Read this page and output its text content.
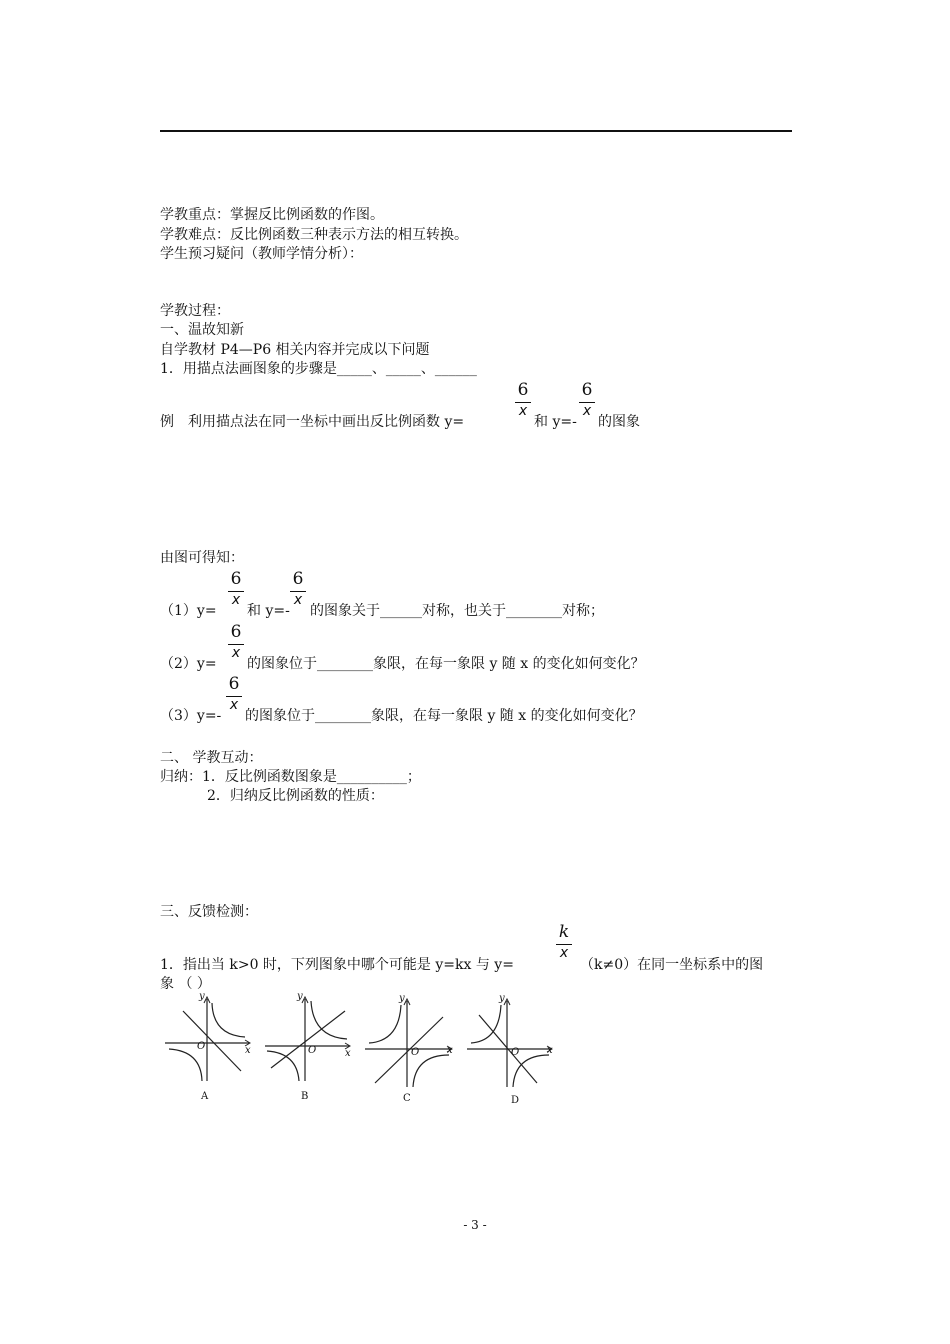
学教重点：掌握反比例函数的作图。
学教难点：反比例函数三种表示方法的相互转换。
学生预习疑问（教师学情分析）：
学教过程：
一、温故知新
自学教材 P4—P6 相关内容并完成以下问题
1．用描点法画图象的步骤是_____、_____、______
例　利用描点法在同一坐标中画出反比例函数 y=
6
x
和 y=-
6
x
的图象
由图可得知：
（1）y=
6
x
和 y=-
6
x
的图象关于______对称，也关于________对称；
（2）y=
6
x
的图象位于________象限，在每一象限 y 随 x 的变化如何变化？
（3）y=-
6
x
的图象位于________象限，在每一象限 y 随 x 的变化如何变化？
二、 学教互动：
归纳：1．反比例函数图象是__________；
2．归纳反比例函数的性质：
三、反馈检测：
1．指出当 k>0 时，下列图象中哪个可能是 y=kx 与 y=
k
x
（k≠0）在同一坐标系中的图
象 （ ）
y
x
O
A
y
x
O
B
y
x
O
C
y
x
O
D
- 3 -
